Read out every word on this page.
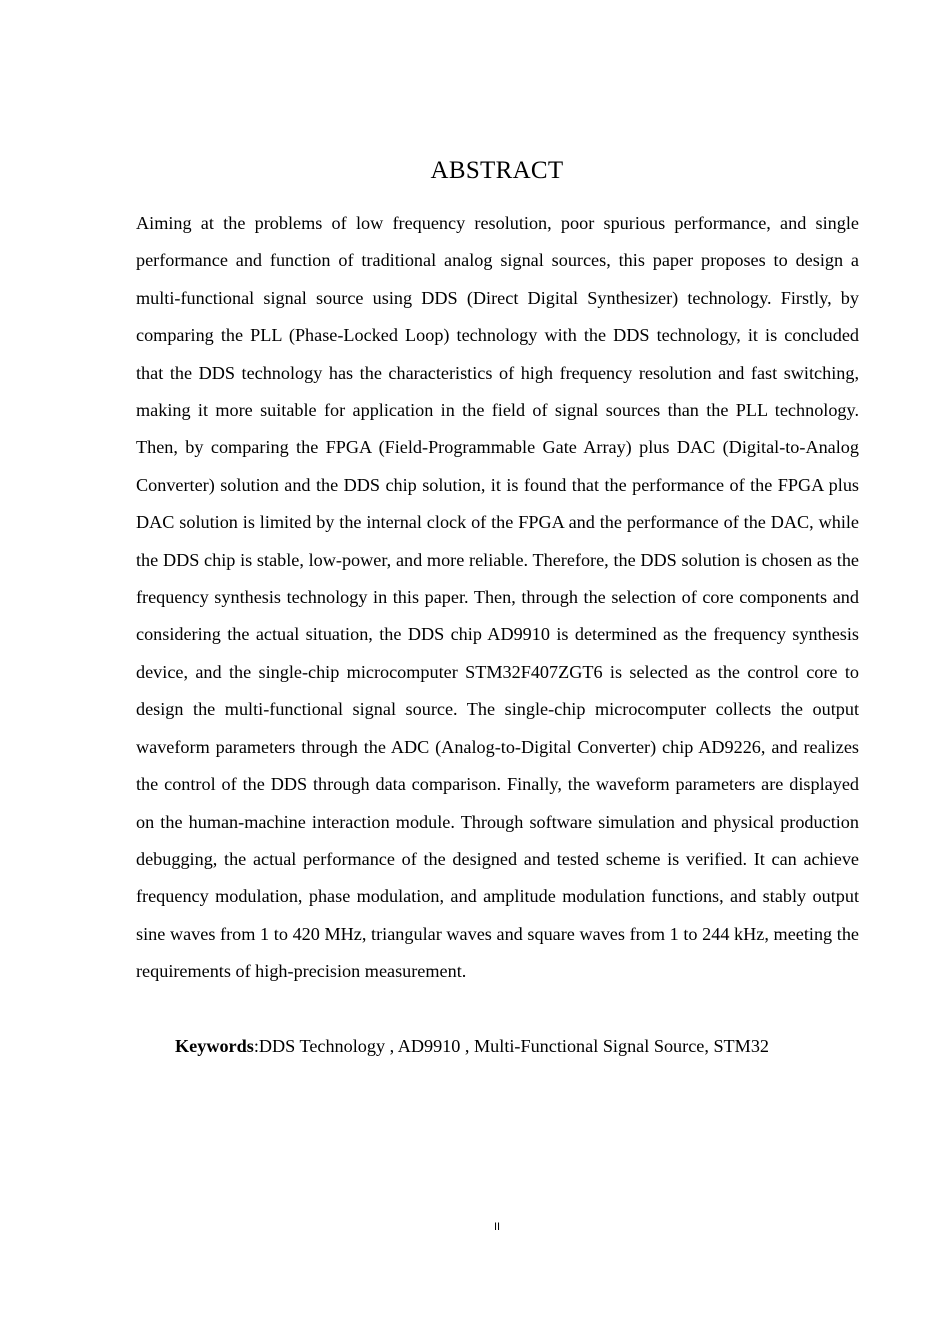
ABSTRACT

Aiming at the problems of low frequency resolution, poor spurious performance, and single performance and function of traditional analog signal sources, this paper proposes to design a multi-functional signal source using DDS (Direct Digital Synthesizer) technology. Firstly, by comparing the PLL (Phase-Locked Loop) technology with the DDS technology, it is concluded that the DDS technology has the characteristics of high frequency resolution and fast switching, making it more suitable for application in the field of signal sources than the PLL technology. Then, by comparing the FPGA (Field-Programmable Gate Array) plus DAC (Digital-to-Analog Converter) solution and the DDS chip solution, it is found that the performance of the FPGA plus DAC solution is limited by the internal clock of the FPGA and the performance of the DAC, while the DDS chip is stable, low-power, and more reliable. Therefore, the DDS solution is chosen as the frequency synthesis technology in this paper. Then, through the selection of core components and considering the actual situation, the DDS chip AD9910 is determined as the frequency synthesis device, and the single-chip microcomputer STM32F407ZGT6 is selected as the control core to design the multi-functional signal source. The single-chip microcomputer collects the output waveform parameters through the ADC (Analog-to-Digital Converter) chip AD9226, and realizes the control of the DDS through data comparison. Finally, the waveform parameters are displayed on the human-machine interaction module. Through software simulation and physical production debugging, the actual performance of the designed and tested scheme is verified. It can achieve frequency modulation, phase modulation, and amplitude modulation functions, and stably output sine waves from 1 to 420 MHz, triangular waves and square waves from 1 to 244 kHz, meeting the requirements of high-precision measurement.

Keywords:DDS Technology , AD9910 , Multi-Functional Signal Source, STM32

II
